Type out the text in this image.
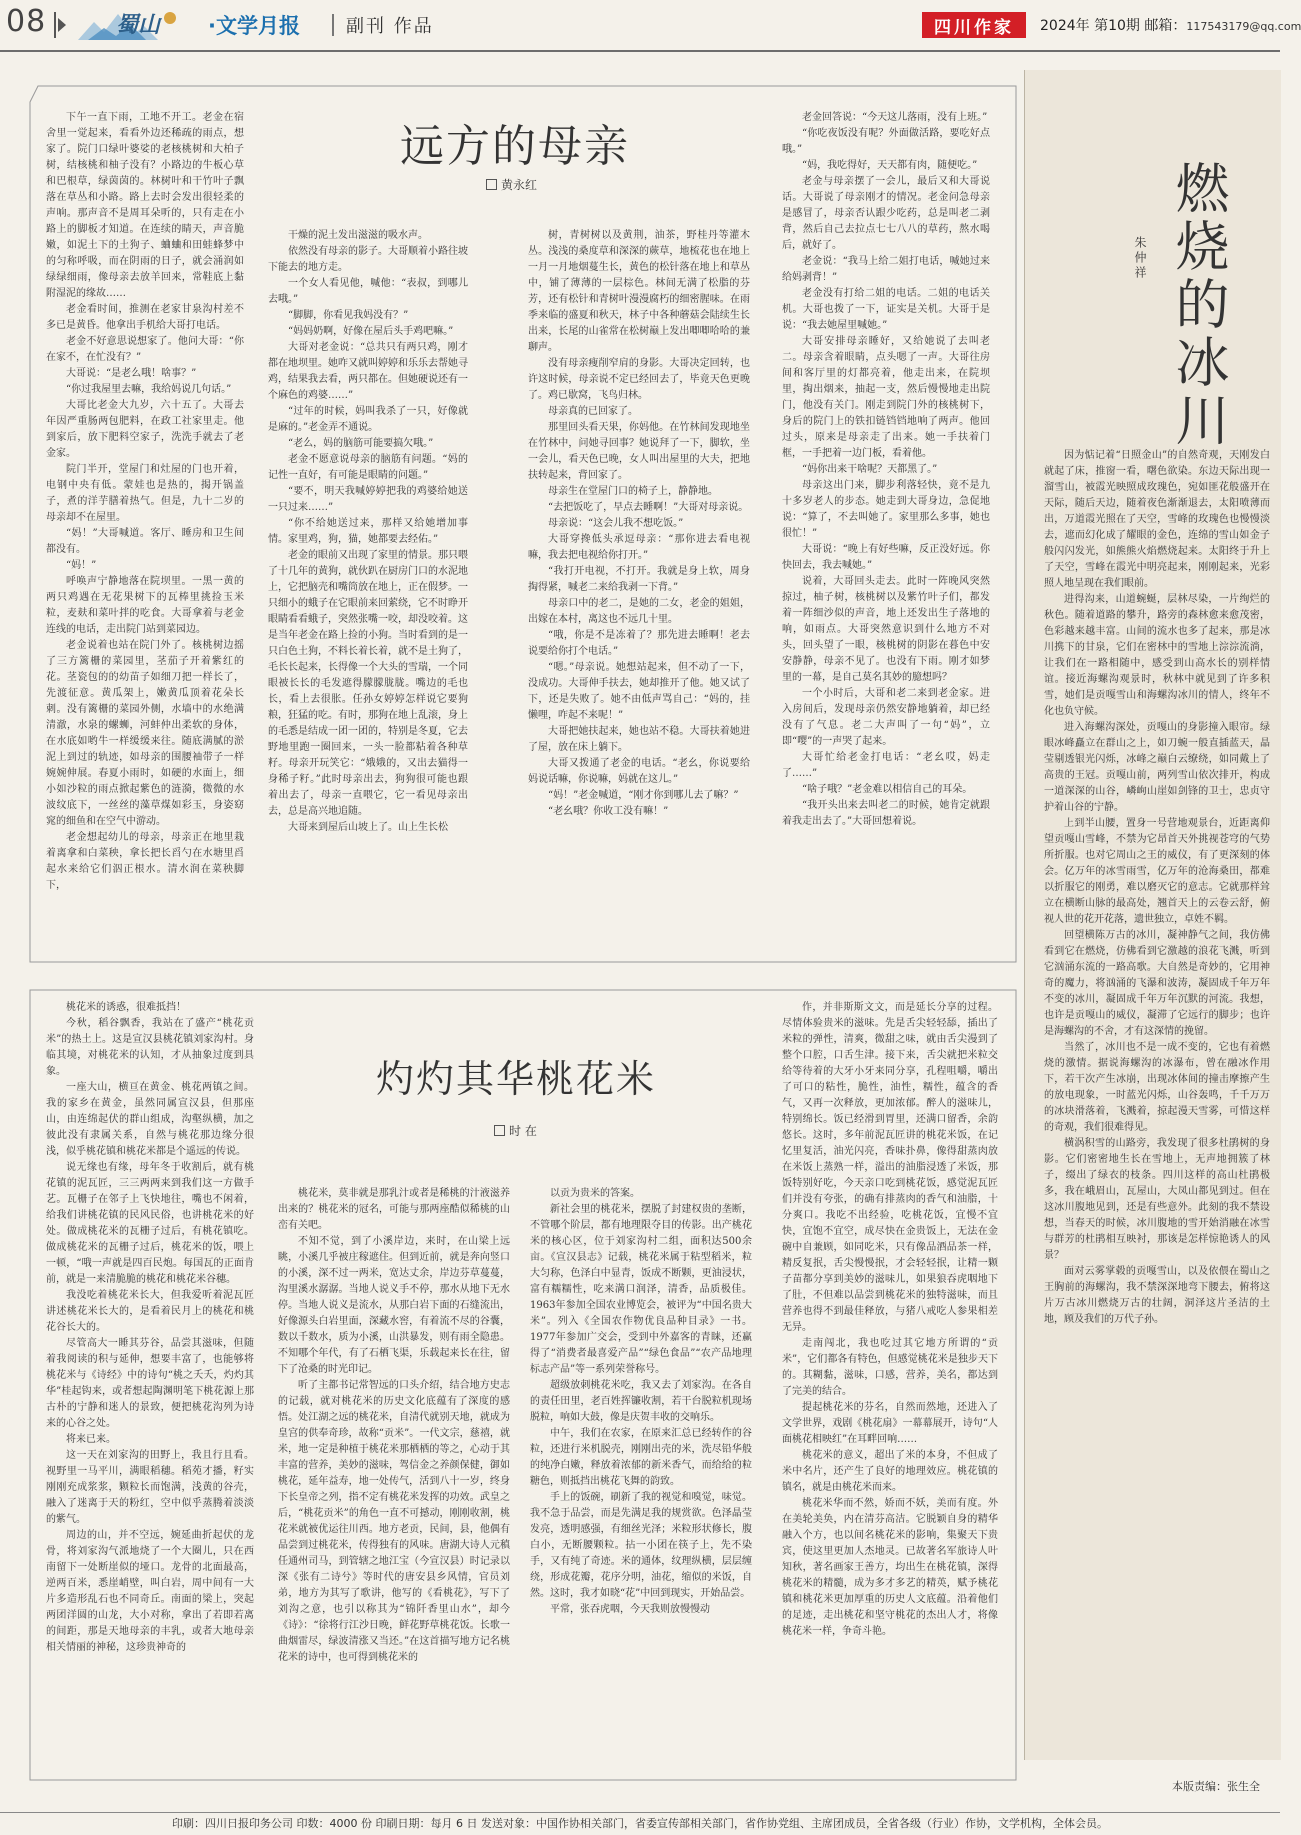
08	蜀山 ·文学月报	副刊 作品	四川作家	2024年 第10期 邮箱：117543179@qq.com
远方的母亲
黄永红

下午一直下雨，工地不开工。老金在宿舍里一觉起来，看看外边还稀疏的雨点，想家了。院门口绿叶婆娑的老核桃树和大柏子树，结核桃和柚子没有？小路边的牛板心草和巴根草，绿茵茵的。林树叶和干竹叶子飘落在草丛和小路。路上去时会发出很轻柔的声响。那声音不是周耳朵听的，只有走在小路上的脚板才知道。在连续的睛天，声音脆嫩，如泥土下的土狗子、蛐蛐和田蛙蜂梦中的匀称呼吸，而在阴雨的日子，就会涌润如绿绿细雨，像母亲去放羊回来，常鞋底上黏附湿泥的缘故……

老金看时间，推测在老家甘泉沟村差不多已是黄昏。他拿出手机给大哥打电话。

老金不好意思说想家了。他问大哥：“你在家不，在忙没有？”

大哥说：“是老么哦！啥事？”

“你过我屋里去嘛，我给妈说几句话。”

大哥比老金大九岁，六十五了。大哥去年因严重肠两包肥料，在政工社家里走。他到家后，放下肥料空家子，洗洗手就去了老金家。

院门半开，堂屋门和灶屋的门也开着，电钢中央有低。蒙娃也是热的，揭开锅盖子，煮的洋芋膳着热气。但是，九十二岁的母亲却不在屋里。

“妈！”大哥喊道。客厅、睡房和卫生间都没有。

“妈！”

呼唤声宁静地落在院坝里。一黑一黄的两只鸡遇在无花果树下的瓦棒里挑捡玉米粒，麦麸和菜叶拌的吃食。大哥拿着与老金连线的电话，走出院门站到菜园边。

老金说着也站在院门外了。核桃树边摇了三方篱栅的菜园里，茎茄子开着紫红的花。茎瓷包的的幼苗子如细刀把一样长了，先渡征意。黄瓜架上，嫩黄瓜顶着花朵长刺。没有篱栅的菜园外侧，水墙中的水绝满清澈，水泉的螺蛳，河蚌仲出柔软的身体，在水底如哟牛一样缓缓来往。随底满腻的淤泥上到过的轨迹，如母亲的围腰袖带子一样婉婉伸展。春夏小雨时，如硬的水面上，细小如沙粒的雨点掀起紫色的涟漪，微微的水波纹底下，一丝丝的藻草煤如彩玉，身姿窈窕的细鱼和在空气中游动。

老金想起幼儿的母亲，母亲正在地里栽着离拿和白菜秧，拿长把长舀勺在水塘里舀起水来给它们泅正根水。清水润在菜秧脚下，

干燥的泥土发出滋滋的吸水声。

依然没有母亲的影子。大哥顺着小路往坡下能去的地方走。

一个女人看见他，喊他：“表叔，到哪儿去哦。”

“脚脚，你看见我妈没有？”

“妈妈奶啊，好像在屋后头手鸡吧嘛。”

大哥对老金说：“总共只有两只鸡，刚才都在地坝里。她咋又就叫婷婷和乐乐去帮她寻鸡，结果我去看，两只都在。但她硬说还有一个麻色的鸡婆……”

“过年的时候，妈叫我杀了一只，好像就是麻的。”老金弄不通说。

“老么，妈的脑筋可能要搞欠哦。”

老金不愿意说母亲的脑筋有问题。“妈的记性一直好，有可能是眼睛的问题。”

“要不，明天我喊婷婷把我的鸡婆给她送一只过来……”

“你不给她送过来，那样又给她增加事情。家里鸡，狗，猫，她都要去经佑。”

老金的眼前又出现了家里的情景。那只喂了十几年的黄狗，就伙趴在厨房门口的水泥地上，它把脑壳和嘴筒放在地上，正在假梦。一只细小的蛾子在它眼前来回萦绕，它不时睁开眼睛看看蛾子，突然张嘴一咬，却没咬着。这是当年老金在路上捡的小狗。当时看到的是一只白色土狗，不料长着长着，就不是土狗了，毛长长起来，长得像一个大头的雪瑞，一个同眼被长长的毛发遮得朦朦胧胧。嘴边的毛也长，看上去很胀。任孙女婷婷怎样说它要狗粮，狂猛的吃。有时，那狗在地上乱滚，身上的毛悉是结成一团一团的，特别是冬夏，它去野地里跑一圈回来，一头一脸都粘着各种草籽。母亲开玩笑它：“娥娥的，又出去猫得一身稀子籽。”此时母亲出去，狗狗很可能也跟着出去了，母亲一直喂它，它一看见母亲出去，总是高兴地追随。

大哥来到屋后山坡上了。山上生长松

树，青树树以及黄荆，油茶，野桂丹等灌木丛。浅浅的桑度草和深深的蕨草，地梳花也在地上一月一月地烟蔓生长，黄色的松针落在地上和草丛中，铺了薄薄的一层棕色。林间无满了松脂的芬芳，还有松针和青树叶漫漫腐朽的细密腥味。在雨季来临的盛夏和秋天，林子中各种蘑菇会陆续生长出来，长尾的山雀常在松树巅上发出唧唧哈哈的兼聊声。

没有母亲瘦削窄肩的身影。大哥决定回转，也许这时候，母亲说不定已经回去了，毕竟天色更晚了。鸡已歇窝，飞鸟归林。

母亲真的已回家了。

那里回头看天果，你妈他。在竹林间发现地坐在竹林中，问她寻回事？她说拜了一下，脚软，坐一会儿，看天色已晚，女人叫出屋里的大夫，把地扶转起来，背回家了。

母亲生在堂屋门口的椅子上，静静地。

“去把饭吃了，早点去睡啊！”大哥对母亲说。

母亲说：“这会儿我不想吃饭。”

大哥穿搀低头承逗母亲：“那你进去看电视嘛，我去把电视给你打开。”

“我打开电视，不打开。我就是身上软，周身掏得紧，喊老二来给我剥一下背。”

母亲口中的老二，是她的二女，老金的姐姐，出嫁在本村，离这也不远几十里。

“哦，你是不是冻着了？那先进去睡啊！老去说要给你打个电话。”

“嗯。”母亲说。她想站起来，但不动了一下，没成功。大哥伸手扶去，她却推开了他。她又试了下，还是失败了。她不由低声骂自己：“妈的，挂懒哩，咋起不来呢！”

大哥把她扶起来，她也站不稳。大哥扶着她进了屋，放在床上躺下。

大哥又拨通了老金的电话。“老幺，你说要给妈说话嘛，你说嘛，妈就在这儿。”

“妈！”老金喊道，“刚才你到哪儿去了嘛？”

“老幺哦？你收工没有嘛！”

老金回答说：“今天这儿落雨，没有上班。”

“你吃夜饭没有呢？外面做活路，要吃好点哦。”

“妈，我吃得好，天天都有肉，随便吃。”

老金与母亲摆了一会儿，最后又和大哥说话。大哥说了母亲刚才的情况。老金问急母亲是感冒了，母亲否认跟少吃药，总是叫老二剥背，然后自己去拉点七七八八的草药，熬水喝后，就好了。

老金说：“我马上给二姐打电话，喊她过来给妈剥背！”

老金没有打给二姐的电话。二姐的电话关机。大哥也拨了一下，证实是关机。大哥于是说：“我去她屋里喊她。”

大哥安排母亲睡好，又给她说了去叫老二。母亲含着眼睛，点头嗯了一声。大哥往房间和客厅里的灯都亮着，他走出来，在院坝里，掏出烟来，抽起一支，然后慢慢地走出院门，他没有关门。刚走到院门外的核桃树下，身后的院门上的铁扣链铛铛地响了两声。他回过头，原来是母亲走了出来。她一手扶着门框，一手把着一边门板，看着他。

“妈你出来干啥呢？天都黑了。”

母亲这出门来，脚步利落轻快，竟不是九十多岁老人的步态。她走到大哥身边，急促地说：“算了，不去叫她了。家里那么多事，她也很忙！”

大哥说：“晚上有好些嘛，反正没好远。你快回去，我去喊她。”

说着，大哥回头走去。此时一阵晚风突然掠过，柚子树，核桃树以及紫竹叶子们，都发着一阵细沙似的声音，地上还发出生子落地的响，如雨点。大哥突然意识到什么地方不对头，回头望了一眼，核桃树的阴影在暮色中安安静静，母亲不见了。也没有下雨。刚才如梦里的一幕，是自己莫名其妙的臆想吗？

一个小时后，大哥和老二来到老金家。进入房间后，发现母亲仍然安静地躺着，却已经没有了气息。老二大声叫了一句“妈”，立即“嘤”的一声哭了起来。

大哥忙给老金打电话：“老幺哎，妈走了……”

“啥子哦？”老金难以相信自己的耳朵。

“我开头出来去叫老二的时候，她肯定就跟着我走出去了。”大哥回想着说。

灼灼其华桃花米
时 在

桃花米的诱惑，很难抵挡！

今秋，稻谷飘香，我站在了盛产“桃花贡米”的热土上。这是宣汉县桃花镇刘家沟村。身临其境，对桃花米的认知，才从抽象过度到具象。

一座大山，横亘在黄金、桃花两镇之间。我的家乡在黄金，虽然同属宣汉县，但那座山，由连绵起伏的群山组成，沟壑纵横，加之彼此没有隶属关系，自然与桃花那边缘分很浅，似乎桃花镇和桃花米都是个遥远的传说。

说无缘也有缘，母年冬于收割后，就有桃花镇的泥瓦匠，三三两两来到我们这一方做手艺。瓦栅子在邻子上飞快地往，嘴也不闲着，给我们讲桃花镇的民风民俗，也讲桃花米的好处。做成桃花米的瓦栅子过后，有桃花镇吃。做成桃花米的瓦栅子过后，桃花米的饭，喂上一顿，“哦一声就是四百民炮。每国瓦的正面肯前，就是一来清脆脆的桃花和桃花米谷穗。

我没吃着桃花米长大，但我爱听着泥瓦匠讲述桃花米长大的，是看着民月上的桃花和桃花谷长大的。

尽管高大一睡其芬谷，品尝其滋味，但随着我阅读的积与延伸，想要丰富了，也能够将桃花米与《诗经》中的诗句“桃之夭夭，灼灼其华”桂起钩来，或者想起陶渊明笔下桃花源上那古朴的宁静和迷人的景致，便把桃花沟列为诗来的心谷之处。

将来已来。

这一天在刘家沟的田野上，我且行且看。视野里一马平川，满眼稻穗。稻苑才播，籽实刚刚充成浆浆，颗粒长而饱满，浅黄的谷壳，融入了迷离于天的粉红，空中似乎蒸腾着淡淡的紫气。

周边的山，并不空远，婉延曲折起伏的龙骨，将刘家沟气派地烧了一个大圈儿，只在西南留下一处断崖似的垭口。龙骨的北面最高，逆两百米，悉崖峭壁，叫白岩，周中间有一大片多造形乱石也不同奇丘。南面的梁上，突起两团洋圆的山龙，大小对称，拿出了若即若离的间距，那是天地母亲的丰乳，或者大地母亲相关情丽的神秘，这珍贵神奇的

桃花米，莫非就是那乳汁或者是稀桃的汁液滋养出来的？桃花米的冠名，可能与那两座酷似稀桃的山峦有关吧。

不知不觉，到了小溪岸边，来时，在山梁上远眺，小溪几乎被庄稼遮住。但到近前，就是奔向竖口的小溪，深不过一两米，宽达丈余，岸边芬草蔓蔓，沟里溪水潺潺。当地人说义手不停，那水从地下无水停。当地人说义是流水，从那白岩下面的石缝流出，好像源头白岩里面，深藏水窖，有着流不尽的谷囊，数以千数水，质为小溪，山洪暴发，则有雨全隐患。不知哪个年代，有了石栖飞渠，乐载起来长在往，留下了沧桑的时光印记。

听了主都书记常智远的口头介绍，结合地方史志的记载，就对桃花米的历史文化底蕴有了深度的感悟。处江湖之远的桃花米，自清代就别天地，就成为皇宫的供奉奇珍，故称“贡米”。一代文宗，慈禧，就米，地一定是种植于桃花米那栖栖的等之，心动于其丰富的营养，美妙的滋味，驾信金之养颜保健，御如桃花，延年益寿，地一处传气，活到八十一岁，终身下长皇帝之列，指不定有桃花米发挥的功效。武皇之后，“桃花贡米”的角色一直不可撼动，刚刚收割，桃花米就被优运往川西。地方老贡，民间，县，他偶有品尝到过桃花米，传得独有的风味。唐湖大诗人元稹任通州司马，到管辖之地江宝（今宣汉县）时记录以深《张有二诗兮》等时代的唐安县乡风情，官员刘弟，地方为其写了歌讲，他写的《看桃花》，写下了刘沟之意，也引以称其为“锦阡香里山水”，却今《诗》：“徐将行江沙日晚，鲜花野草桃花饭。长歌一曲烟雷尽，绿波清涨又当还。”在这首描写地方记名桃花米的诗中，也可得到桃花米的

以贡为贵米的答案。

新社会里的桃花米，摆脱了封建权贵的垄断，不管哪个阶层，都有地理限夺目的传影。出产桃花米的核心区，位于刘家沟村二组，面积达500余亩。《宣汉县志》记载，桃花米属于粘型稻米，粒大匀称，色泽白中显青，饭成不断颗，更油浸状，富有糯糯性，吃来满口润泽，清香，品质极佳。1963年参加全国农业博览会，被评为“中国名贵大米”。列入《全国农作物优良品种目录》一书。1977年参加广交会，受到中外嘉客的青睐，还赢得了“消费者最喜爱产品”“绿色食品”“农产品地理标志产品”等一系列荣誉称号。

超级放刺桃花米吃，我又去了刘家沟。在各自的责任田里，老百姓挥镰收割，若干台脱粒机现场脱粒，响如大鼓，像是庆贺丰收的交响乐。

中午，我们在农家，在原来汇总已经转作的谷粒，还进行米机脱壳，刚刚出壳的米，洗尽铅华般的纯净白嫩，释放着浓郁的新米香气，而给给的粒糖色，则抵挡出桃花飞舞的韵致。

手上的饭碗，刷新了我的视觉和嗅觉，味觉。我不急于品尝，而是先满足我的规赏欲。色泽晶莹发亮，透明感强，有细丝光泽；米粒形状修长，腹白小，无断腰颗粒。拈一小团在筷子上，先不染手，又有纯了奇迹。米的通体，纹理纵横，层层缠绕，形成花瓣，花序分明，油花，缩似的米饭，自然。这时，我才如晓“花”中回到现实，开始品尝。

平常，张吞虎咽，今天我则放慢慢动

作，并非斯斯文文，而是延长分享的过程。尽情体验贵米的滋味。先是舌尖轻轻舔，插出了米粒的弹性，清爽，微甜之味，就由舌尖漫到了整个口腔，口舌生津。接下来，舌尖就把米粒交给等待着的大牙小牙来同分享，孔程咀嚼，嚼出了可口的粘性，脆性，油性，糯性，蕴含的香气，又再一次释放，更加浓郁。醉人的滋味儿，特别绵长。饭已经滑到胃里，还满口留香，余韵悠长。这时，多年前泥瓦匠讲的桃花米饭，在记忆里复活，油光闪亮，香味扑鼻，像得甜蒸肉放在米饭上蒸熟一样，溢出的油脂浸透了米饭，那饭特别好吃，今天亲口吃到桃花饭，感觉泥瓦匠们并没有夸张，的确有排蒸肉的香气和油脂，十分爽口。我吃不出经验，吃桃花饭，宜慢不宜快，宜饱不宜空，成尽快在金贵饭上，无法在金碗中自兼顾，如同吃米，只有像品酒品茶一样，精反复抿，舌尖慢慢抿，才会轻轻抿，让精一颗子苗都分享到美妙的滋味儿，如果狼吞虎咽地下了肚，不但难以品尝到桃花米的独特滋味，而且营养也得不到最佳释放，与猪八戒吃人参果相差无异。

走南闯北，我也吃过其它地方所谓的“贡米”，它们都各有特色，但感觉桃花米是独步天下的。其糊黏，滋味，口感，营养，美名，都达到了完美的结合。

提起桃花米的芬名，自然而然地，还进入了文学世界，戏剧《桃花扇》一幕幕展开，诗句“人面桃花相映红”在耳畔回响……

桃花米的意义，超出了米的本身，不但成了米中名片，还产生了良好的地理效应。桃花镇的镇名，就是由桃花米而来。

桃花米华而不然，娇而不妖，美而有度。外在美轮美奂，内在清芬高洁。它脱颖自身的精华融入个方，也以间名桃花米的影响，集聚天下贵宾，使这里更加人杰地灵。已故著名军旅诗人叶知秋，著名画家王善方，均出生在桃花镇，深得桃花米的精髓，成为多才多艺的精英，赋予桃花镇和桃花米更加厚重的历史人文底蕴。沿着他们的足迹，走出桃花和坚守桃花的杰出人才，将像桃花米一样，争奇斗艳。

燃烧的冰川
朱仲祥

因为惦记着“日照金山”的自然奇观，天刚发白就起了床，推窗一看，曙色欲染。东边天际出现一溜雪山，被霞光映照成玫瑰色，宛如匪花般盛开在天际，随后天边，随着夜色渐渐退去，太阳喷薄而出，万道霞光照在了天空，雪峰的玫瑰色也慢慢淡去，遮而幻化成了耀眼的金色，连绵的雪山如金子般闪闪发光，如熊熊火焰燃烧起来。太阳终于升上了天空，雪峰在霞光中明亮起来，刚刚起来，光彩照人地呈现在我们眼前。

进得沟来，山道蜿蜒，层林尽染，一片绚烂的秋色。随着道路的攀升，路旁的森林愈来愈茂密，色彩越来越丰富。山间的流水也多了起来，那是冰川携下的甘泉，它们在密林中的雪地上淙淙流淌，让我们在一路相随中，感受到山高水长的别样情谊。接近海螺沟观景时，秋林中就见到了许多积雪，她们是贡嘎雪山和海螺沟冰川的情人，终年不化也负守候。

进入海螺沟深处，贡嘎山的身影撞入眼帘。绿眼冰峰矗立在群山之上，如刀蜿一般直插蓝天，晶莹剔透银光闪烁，冰峰之巅白云缭绕，如同戴上了高贵的王冠。贡嘎山前，两列雪山依次排开，构成一道深深的山谷，嶙峋山崖如剑锋的卫士，忠贞守护着山谷的宁静。

上到半山腰，置身一号营地观景台，近距离仰望贡嘎山雪峰，不禁为它昂首天外挑视苍穹的气势所折服。也对它周山之王的威仪，有了更深刻的体会。亿万年的冰雪雨雪，亿万年的沧海桑田，都难以折服它的刚勇，难以磨灭它的意志。它就那样耸立在横断山脉的最高处，翘首天上的云卷云舒，俯视人世的花开花落，遗世独立，卓姓不羁。

回望横陈万古的冰川，凝神静气之间，我仿佛看到它在燃烧，仿佛看到它激越的浪花飞溅，听到它汹涌东流的一路高歌。大自然是奇妙的，它用神奇的魔力，将汹涌的飞瀑和波涛，凝固成千年万年不变的冰川，凝固成千年万年沉默的河流。我想，也许是贡嘎山的威仪，凝滞了它远行的脚步；也许是海螺沟的不舍，才有这深情的挽留。

当然了，冰川也不是一成不变的，它也有着燃烧的激情。据说海螺沟的冰瀑布，曾在融冰作用下，若干次产生冰崩，出现冰体间的撞击摩擦产生的放电现象，一时蓝光闪烁，山谷轰鸣，千千万万的冰块滑落着，飞溅着，掠起漫天雪雾，可惜这样的奇观，我们很难得见。

横涡积雪的山路旁，我发现了很多杜鹃树的身影。它们密密地生长在雪地上，无声地拥簇了林子，缀出了绿衣的枝条。四川这样的高山杜鹃极多，我在峨眉山，瓦屋山，大凤山都见到过。但在这冰川腹地见到，还是有些意外。此刻的我不禁设想，当春天的时候，冰川腹地的雪开始消融在冰雪与群芳的杜鹃相互映衬，那该是怎样惊艳诱人的风景？

面对云雾掌毂的贡嘎雪山，以及依偎在蜀山之王胸前的海螺沟，我不禁深深地弯下腰去，俯将这片万古冰川燃烧万古的壮阔，洞泽这片圣洁的土地，顾及我们的万代子孙。

本版责编：张生全
印刷：四川日报印务公司 印数：4000 份 印刷日期：每月 6 日 发送对象：中国作协相关部门，省委宣传部相关部门，省作协党组、主席团成员，全省各级（行业）作协，文学机构，全体会员。
